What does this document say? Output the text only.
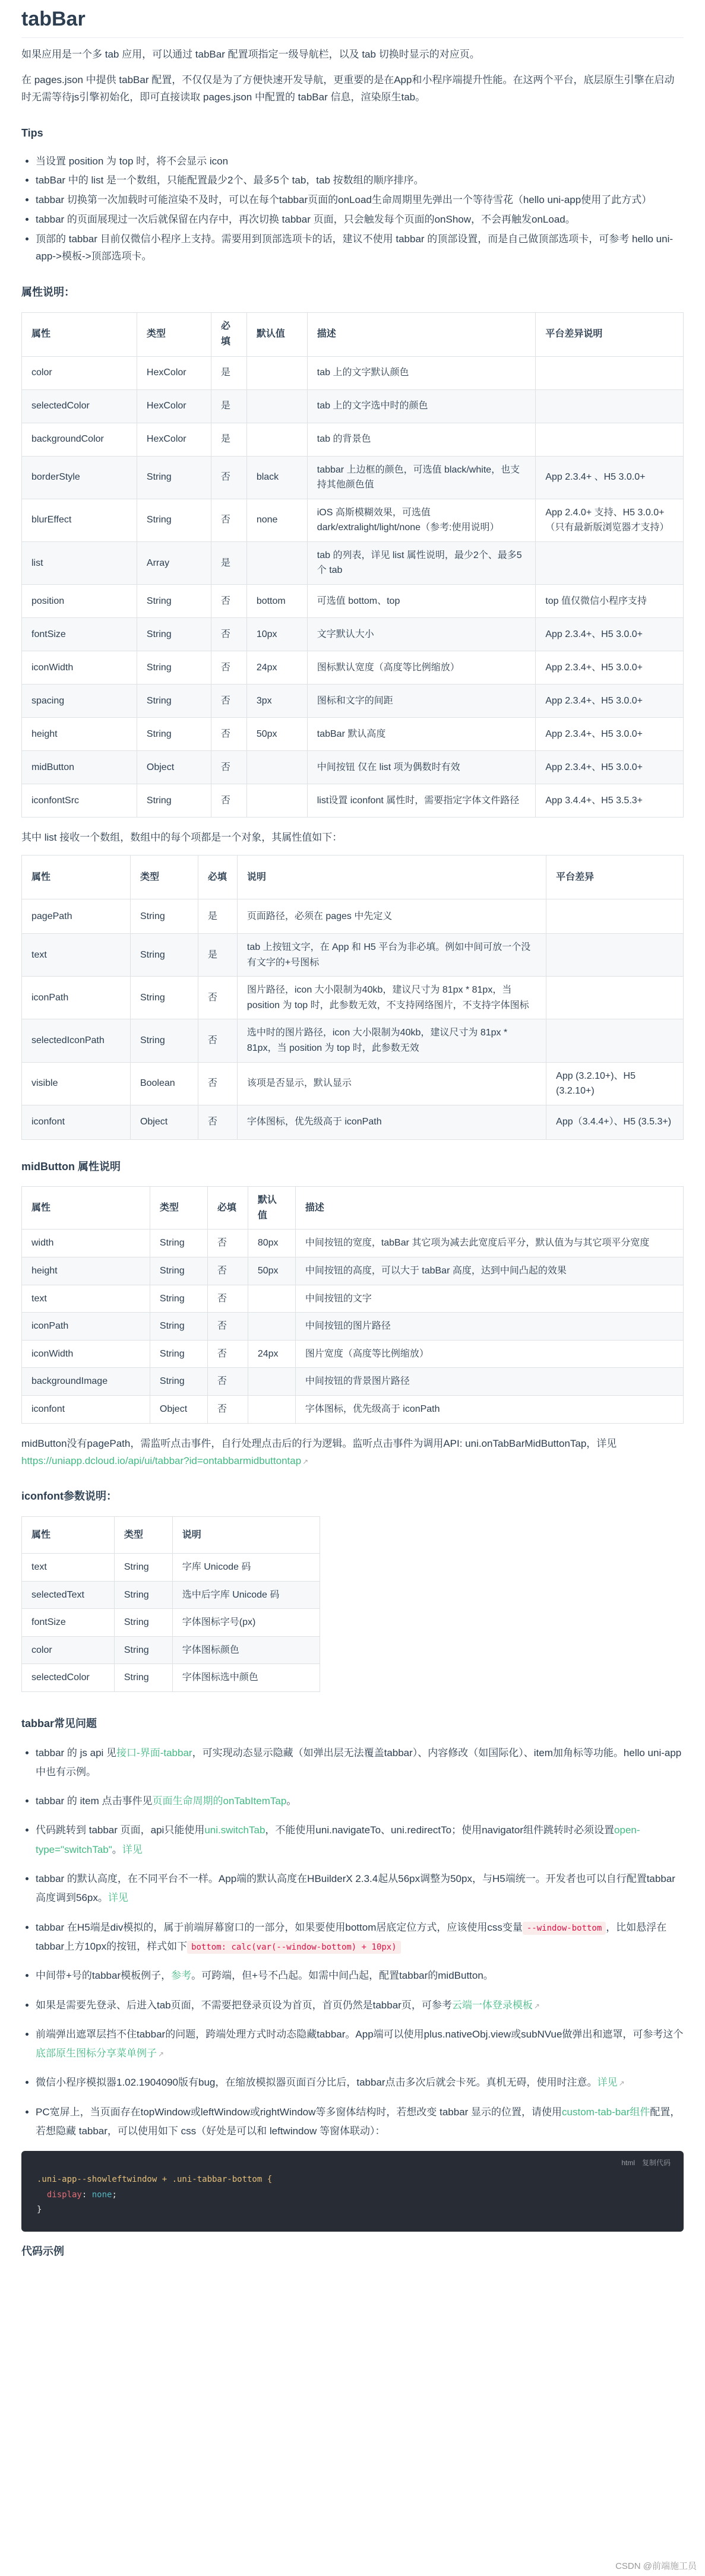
tabBar

如果应用是一个多 tab 应用，可以通过 tabBar 配置项指定一级导航栏，以及 tab 切换时显示的对应页。

在 pages.json 中提供 tabBar 配置，不仅仅是为了方便快速开发导航，更重要的是在App和小程序端提升性能。在这两个平台，底层原生引擎在启动时无需等待js引擎初始化，即可直接读取 pages.json 中配置的 tabBar 信息，渲染原生tab。

Tips
• 当设置 position 为 top 时，将不会显示 icon
• tabBar 中的 list 是一个数组，只能配置最少2个、最多5个 tab，tab 按数组的顺序排序。
• tabbar 切换第一次加载时可能渲染不及时，可以在每个tabbar页面的onLoad生命周期里先弹出一个等待雪花（hello uni-app使用了此方式）
• tabbar 的页面展现过一次后就保留在内存中，再次切换 tabbar 页面，只会触发每个页面的onShow，不会再触发onLoad。
• 顶部的 tabbar 目前仅微信小程序上支持。需要用到顶部选项卡的话，建议不使用 tabbar 的顶部设置，而是自己做顶部选项卡，可参考 hello uni-app->模板->顶部选项卡。
属性说明：
属性	类型	必填	默认值	描述	平台差异说明
color	HexColor	是		tab 上的文字默认颜色	
selectedColor	HexColor	是		tab 上的文字选中时的颜色	
backgroundColor	HexColor	是		tab 的背景色	
borderStyle	String	否	black	tabbar 上边框的颜色，可选值 black/white，也支持其他颜色值	App 2.3.4+ 、H5 3.0.0+
blurEffect	String	否	none	iOS 高斯模糊效果，可选值 dark/extralight/light/none（参考:使用说明）	App 2.4.0+ 支持、H5 3.0.0+（只有最新版浏览器才支持）
list	Array	是		tab 的列表，详见 list 属性说明，最少2个、最多5个 tab	
position	String	否	bottom	可选值 bottom、top	top 值仅微信小程序支持
fontSize	String	否	10px	文字默认大小	App 2.3.4+、H5 3.0.0+
iconWidth	String	否	24px	图标默认宽度（高度等比例缩放）	App 2.3.4+、H5 3.0.0+
spacing	String	否	3px	图标和文字的间距	App 2.3.4+、H5 3.0.0+
height	String	否	50px	tabBar 默认高度	App 2.3.4+、H5 3.0.0+
midButton	Object	否		中间按钮 仅在 list 项为偶数时有效	App 2.3.4+、H5 3.0.0+
iconfontSrc	String	否		list设置 iconfont 属性时，需要指定字体文件路径	App 3.4.4+、H5 3.5.3+

其中 list 接收一个数组，数组中的每个项都是一个对象，其属性值如下：

属性	类型	必填	说明	平台差异
pagePath	String	是	页面路径，必须在 pages 中先定义	
text	String	是	tab 上按钮文字，在 App 和 H5 平台为非必填。例如中间可放一个没有文字的+号图标	
iconPath	String	否	图片路径，icon 大小限制为40kb，建议尺寸为 81px * 81px，当 position 为 top 时，此参数无效，不支持网络图片，不支持字体图标	
selectedIconPath	String	否	选中时的图片路径，icon 大小限制为40kb，建议尺寸为 81px * 81px，当 position 为 top 时，此参数无效	
visible	Boolean	否	该项是否显示，默认显示	App (3.2.10+)、H5 (3.2.10+)
iconfont	Object	否	字体图标，优先级高于 iconPath	App（3.4.4+）、H5 (3.5.3+)
midButton 属性说明
属性	类型	必填	默认值	描述
width	String	否	80px	中间按钮的宽度，tabBar 其它项为减去此宽度后平分，默认值为与其它项平分宽度
height	String	否	50px	中间按钮的高度，可以大于 tabBar 高度，达到中间凸起的效果
text	String	否		中间按钮的文字
iconPath	String	否		中间按钮的图片路径
iconWidth	String	否	24px	图片宽度（高度等比例缩放）
backgroundImage	String	否		中间按钮的背景图片路径
iconfont	Object	否		字体图标，优先级高于 iconPath

midButton没有pagePath，需监听点击事件，自行处理点击后的行为逻辑。监听点击事件为调用API: uni.onTabBarMidButtonTap，详见https://uniapp.dcloud.io/api/ui/tabbar?id=ontabbarmidbuttontap ↗

iconfont参数说明：
属性	类型	说明
text	String	字库 Unicode 码
selectedText	String	选中后字库 Unicode 码
fontSize	String	字体图标字号(px)
color	String	字体图标颜色
selectedColor	String	字体图标选中颜色
tabbar常见问题
• tabbar 的 js api 见接口-界面-tabbar，可实现动态显示隐藏（如弹出层无法覆盖tabbar）、内容修改（如国际化）、item加角标等功能。hello uni-app中也有示例。
• tabbar 的 item 点击事件见页面生命周期的onTabItemTap。
• 代码跳转到 tabbar 页面，api只能使用uni.switchTab，不能使用uni.navigateTo、uni.redirectTo；使用navigator组件跳转时必须设置open-type="switchTab"。详见
• tabbar 的默认高度，在不同平台不一样。App端的默认高度在HBuilderX 2.3.4起从56px调整为50px，与H5端统一。开发者也可以自行配置tabbar高度调到56px。详见
• tabbar 在H5端是div模拟的，属于前端屏幕窗口的一部分，如果要使用bottom居底定位方式，应该使用css变量 --window-bottom ，比如悬浮在tabbar上方10px的按钮，样式如下 bottom: calc(var(--window-bottom) + 10px)
• 中间带+号的tabbar模板例子，参考。可跨端，但+号不凸起。如需中间凸起，配置tabbar的midButton。
• 如果是需要先登录、后进入tab页面，不需要把登录页设为首页，首页仍然是tabbar页，可参考云端一体登录模板 ↗
• 前端弹出遮罩层挡不住tabbar的问题，跨端处理方式时动态隐藏tabbar。App端可以使用plus.nativeObj.view或subNVue做弹出和遮罩，可参考这个底部原生图标分享菜单例子 ↗
• 微信小程序模拟器1.02.1904090版有bug，在缩放模拟器页面百分比后，tabbar点击多次后就会卡死。真机无碍，使用时注意。详见 ↗
• PC宽屏上，当页面存在topWindow或leftWindow或rightWindow等多窗体结构时，若想改变 tabbar 显示的位置，请使用custom-tab-bar组件配置，若想隐藏 tabbar，可以使用如下 css（好处是可以和 leftwindow 等窗体联动）：
html 复制代码
.uni-app--showleftwindow + .uni-tabbar-bottom {
display: none;
}
代码示例
CSDN @前端施工员
